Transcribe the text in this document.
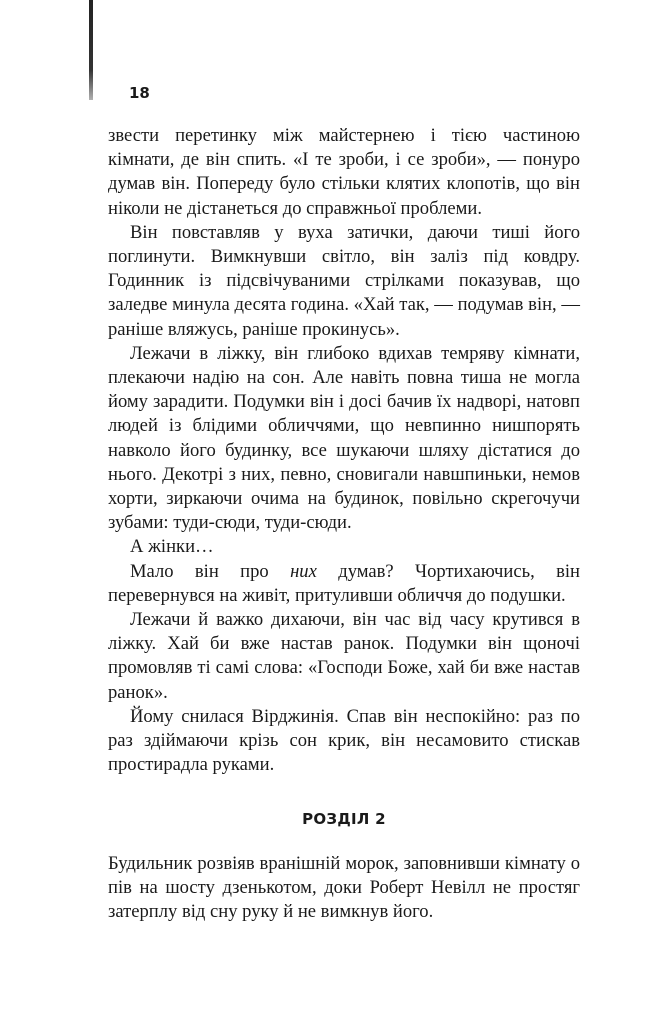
18

звести перетинку між майстернею і тією частиною кімнати, де він спить. «І те зроби, і се зроби», — понуро думав він. Попереду було стільки клятих клопотів, що він ніколи не дістанеться до справжньої проблеми.

Він повставляв у вуха затички, даючи тиші його поглинути. Вимкнувши світло, він заліз під ковдру. Годинник із підсвічуваними стрілками показував, що заледве минула десята година. «Хай так, — подумав він, — раніше вляжусь, раніше прокинусь».

Лежачи в ліжку, він глибоко вдихав темряву кімнати, плекаючи надію на сон. Але навіть повна тиша не могла йому зарадити. Подумки він і досі бачив їх надворі, натовп людей із блідими обличчями, що невпинно нишпорять навколо його будинку, все шукаючи шляху дістатися до нього. Декотрі з них, певно, сновигали навшпиньки, немов хорти, зиркаючи очима на будинок, повільно скрегочучи зубами: туди-сюди, туди-сюди.

А жінки…

Мало він про них думав? Чортихаючись, він перевернувся на живіт, притуливши обличчя до подушки.

Лежачи й важко дихаючи, він час від часу крутився в ліжку. Хай би вже настав ранок. Подумки він щоночі промовляв ті самі слова: «Господи Боже, хай би вже настав ранок».

Йому снилася Вірджинія. Спав він неспокійно: раз по раз здіймаючи крізь сон крик, він несамовито стискав простирадла руками.

РОЗДІЛ 2

Будильник розвіяв вранішній морок, заповнивши кімнату о пів на шосту дзенькотом, доки Роберт Невілл не простяг затерплу від сну руку й не вимкнув його.
